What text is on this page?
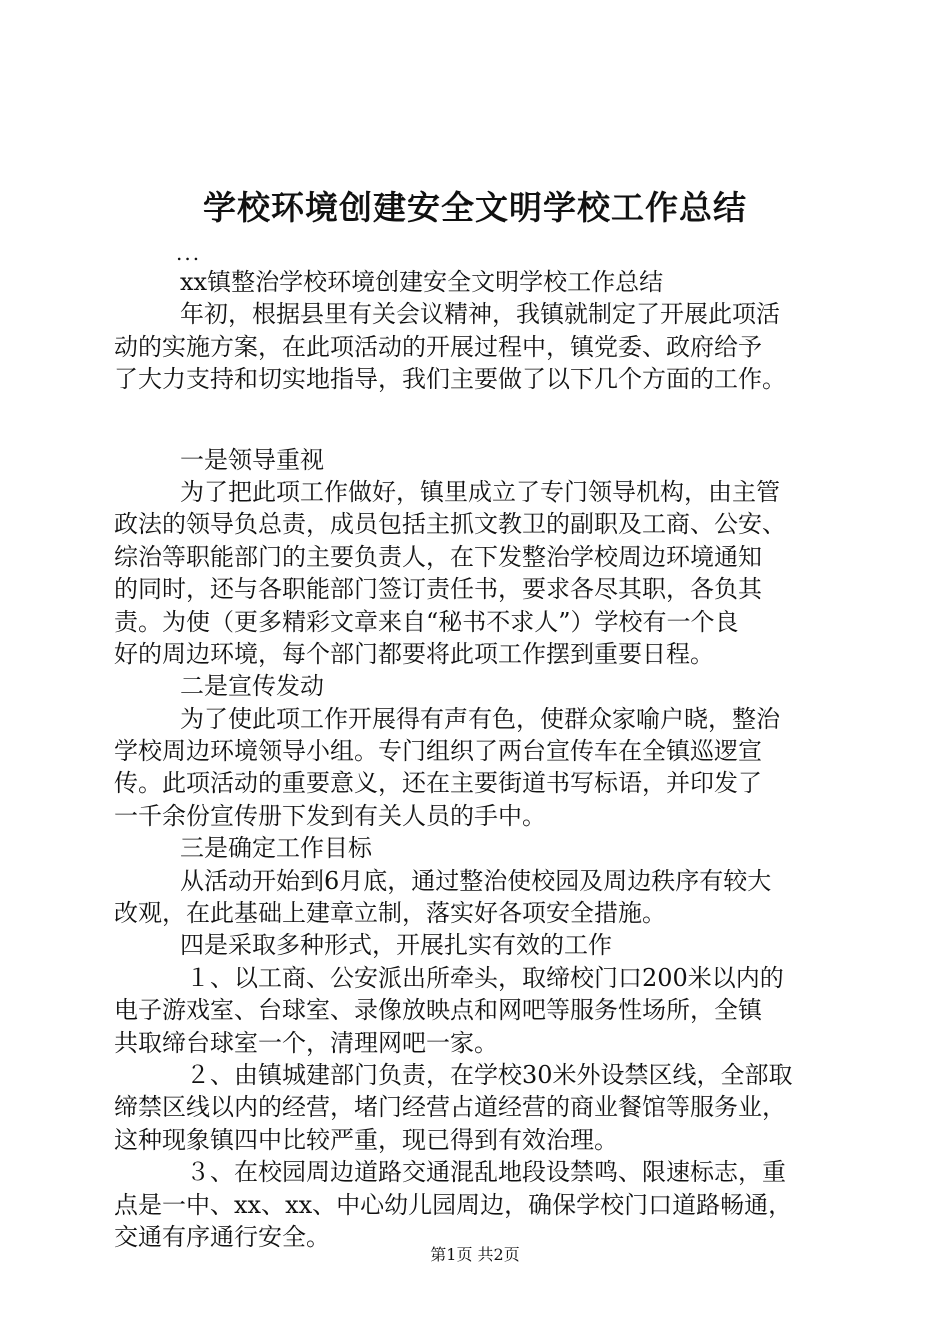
学校环境创建安全文明学校工作总结
...
xx镇整治学校环境创建安全文明学校工作总结
年初，根据县里有关会议精神，我镇就制定了开展此项活
动的实施方案，在此项活动的开展过程中，镇党委、政府给予
了大力支持和切实地指导，我们主要做了以下几个方面的工作。
一是领导重视
为了把此项工作做好，镇里成立了专门领导机构，由主管
政法的领导负总责，成员包括主抓文教卫的副职及工商、公安、
综治等职能部门的主要负责人，在下发整治学校周边环境通知
的同时，还与各职能部门签订责任书，要求各尽其职，各负其
责。为使（更多精彩文章来自“秘书不求人”）学校有一个良
好的周边环境，每个部门都要将此项工作摆到重要日程。
二是宣传发动
为了使此项工作开展得有声有色，使群众家喻户晓，整治
学校周边环境领导小组。专门组织了两台宣传车在全镇巡逻宣
传。此项活动的重要意义，还在主要街道书写标语，并印发了
一千余份宣传册下发到有关人员的手中。
三是确定工作目标
从活动开始到6月底，通过整治使校园及周边秩序有较大
改观，在此基础上建章立制，落实好各项安全措施。
四是采取多种形式，开展扎实有效的工作
１、以工商、公安派出所牵头，取缔校门口200米以内的
电子游戏室、台球室、录像放映点和网吧等服务性场所，全镇
共取缔台球室一个，清理网吧一家。
２、由镇城建部门负责，在学校30米外设禁区线，全部取
缔禁区线以内的经营，堵门经营占道经营的商业餐馆等服务业，
这种现象镇四中比较严重，现已得到有效治理。
３、在校园周边道路交通混乱地段设禁鸣、限速标志，重
点是一中、xx、xx、中心幼儿园周边，确保学校门口道路畅通，
交通有序通行安全。
第1页 共2页
